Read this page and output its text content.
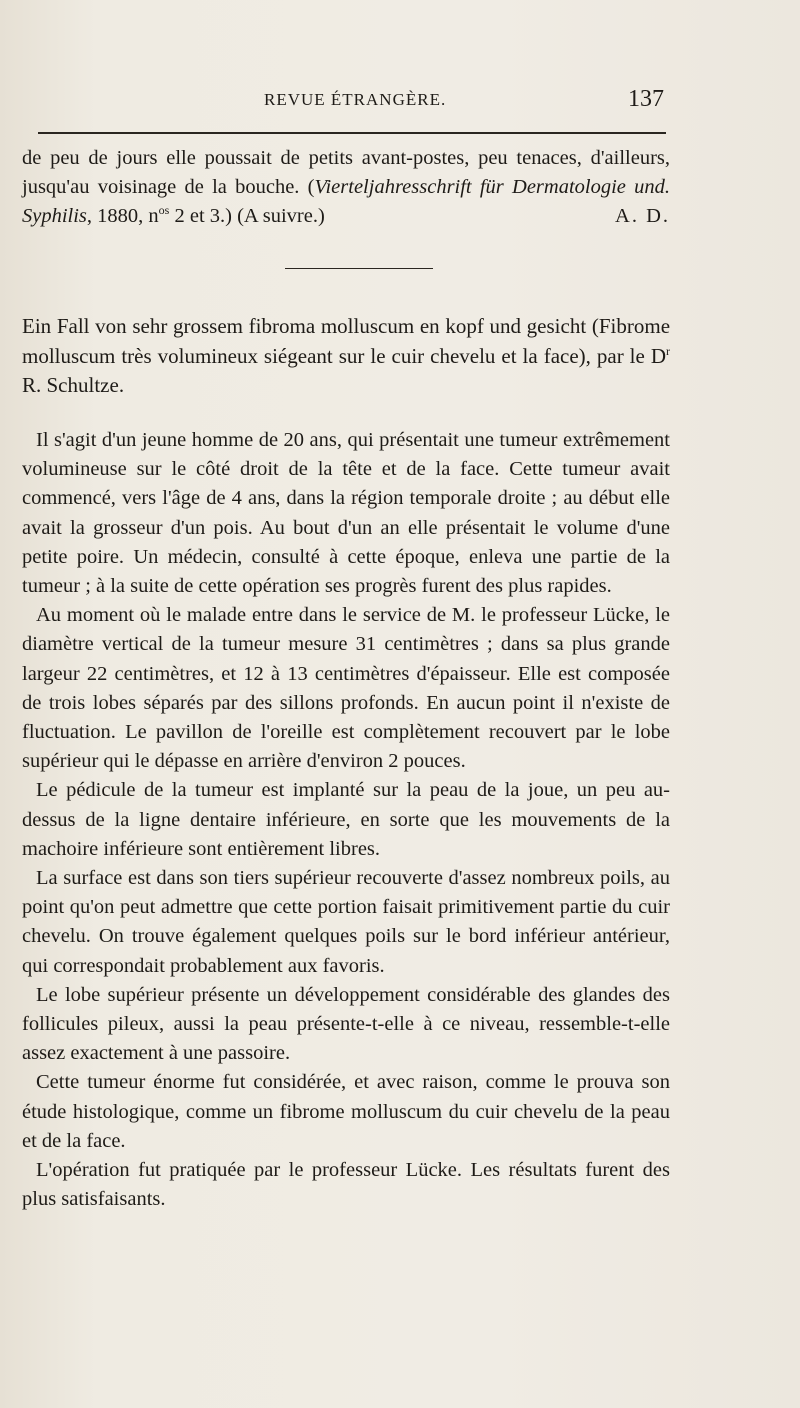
REVUE ÉTRANGÈRE.	137
de peu de jours elle poussait de petits avant-postes, peu tenaces, d'ailleurs, jusqu'au voisinage de la bouche. (Vierteljahresschrift für Dermatologie und. Syphilis, 1880, $n^{os}$ 2 et 3.) (A suivre.)	A. D.
Ein Fall von sehr grossem fibroma molluscum en kopf und gesicht (Fibrome molluscum très volumineux siégeant sur le cuir chevelu et la face), par le $D^r$ R. Schultze.

Il s'agit d'un jeune homme de 20 ans, qui présentait une tumeur extrêmement volumineuse sur le côté droit de la tête et de la face. Cette tumeur avait commencé, vers l'âge de 4 ans, dans la région temporale droite ; au début elle avait la grosseur d'un pois. Au bout d'un an elle présentait le volume d'une petite poire. Un médecin, consulté à cette époque, enleva une partie de la tumeur ; à la suite de cette opération ses progrès furent des plus rapides.

Au moment où le malade entre dans le service de M. le professeur Lücke, le diamètre vertical de la tumeur mesure 31 centimètres ; dans sa plus grande largeur 22 centimètres, et 12 à 13 centimètres d'épaisseur. Elle est composée de trois lobes séparés par des sillons profonds. En aucun point il n'existe de fluctuation. Le pavillon de l'oreille est complètement recouvert par le lobe supérieur qui le dépasse en arrière d'environ 2 pouces.

Le pédicule de la tumeur est implanté sur la peau de la joue, un peu au-dessus de la ligne dentaire inférieure, en sorte que les mouvements de la machoire inférieure sont entièrement libres.

La surface est dans son tiers supérieur recouverte d'assez nombreux poils, au point qu'on peut admettre que cette portion faisait primitivement partie du cuir chevelu. On trouve également quelques poils sur le bord inférieur antérieur, qui correspondait probablement aux favoris.

Le lobe supérieur présente un développement considérable des glandes des follicules pileux, aussi la peau présente-t-elle à ce niveau, ressemble-t-elle assez exactement à une passoire.

Cette tumeur énorme fut considérée, et avec raison, comme le prouva son étude histologique, comme un fibrome molluscum du cuir chevelu de la peau et de la face.

L'opération fut pratiquée par le professeur Lücke. Les résultats furent des plus satisfaisants.
